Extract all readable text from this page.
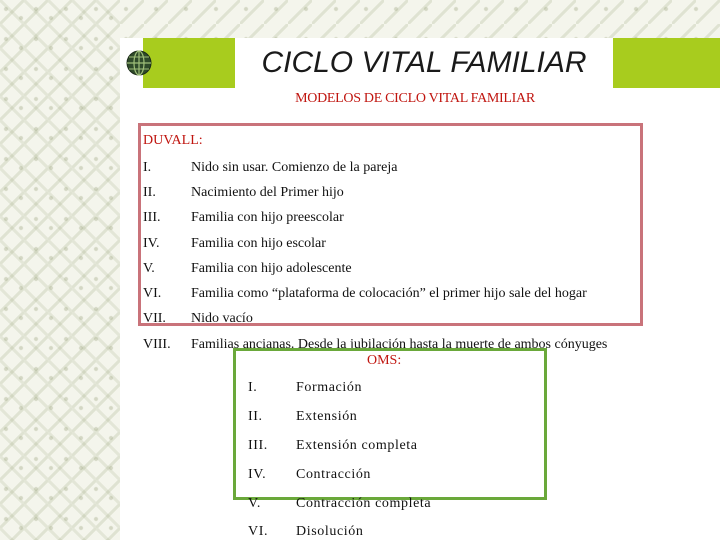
CICLO VITAL FAMILIAR
MODELOS DE CICLO VITAL FAMILIAR
DUVALL:
I.	Nido sin usar. Comienzo de la pareja
II.	Nacimiento del Primer hijo
III. Familia con hijo preescolar
IV. Familia con hijo escolar
V.	Familia con hijo adolescente
VI. Familia como “plataforma de colocación” el primer hijo sale del hogar
VII. Nido vacío
VIII. Familias ancianas. Desde la jubilación hasta la muerte de ambos cónyuges
OMS:
I.	Formación
II. Extensión
III. Extensión completa
IV. Contracción
V. Contracción completa
VI. Disolución
